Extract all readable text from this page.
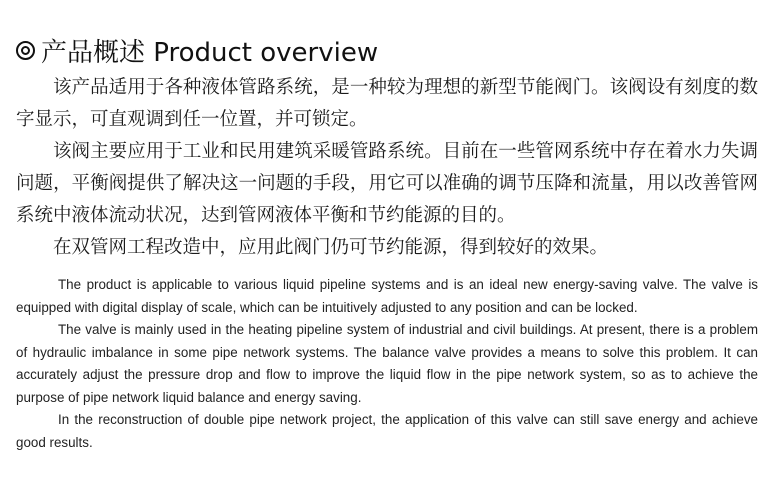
产品概述 Product overview

该产品适用于各种液体管路系统，是一种较为理想的新型节能阀门。该阀设有刻度的数字显示，可直观调到任一位置，并可锁定。

该阀主要应用于工业和民用建筑采暖管路系统。目前在一些管网系统中存在着水力失调问题，平衡阀提供了解决这一问题的手段，用它可以准确的调节压降和流量，用以改善管网系统中液体流动状况，达到管网液体平衡和节约能源的目的。

在双管网工程改造中，应用此阀门仍可节约能源，得到较好的效果。

The product is applicable to various liquid pipeline systems and is an ideal new energy-saving valve. The valve is equipped with digital display of scale, which can be intuitively adjusted to any position and can be locked.

The valve is mainly used in the heating pipeline system of industrial and civil buildings. At present, there is a problem of hydraulic imbalance in some pipe network systems. The balance valve provides a means to solve this problem. It can accurately adjust the pressure drop and flow to improve the liquid flow in the pipe network system, so as to achieve the purpose of pipe network liquid balance and energy saving.

In the reconstruction of double pipe network project, the application of this valve can still save energy and achieve good results.
